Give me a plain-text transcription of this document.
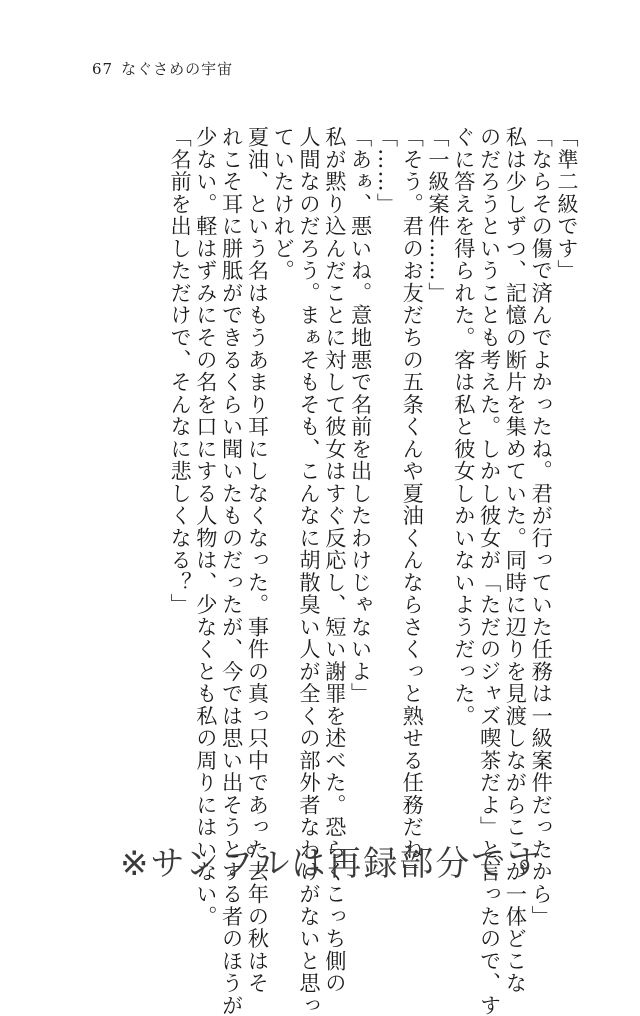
67 なぐさめの宇宙
「準二級です」
「ならその傷で済んでよかったね。君が行っていた任務は一級案件だったから」
私は少しずつ、記憶の断片を集めていた。同時に辺りを見渡しながらここが一体どこな
のだろうということも考えた。しかし彼女が「ただのジャズ喫茶だよ」と言ったので、す
ぐに答えを得られた。客は私と彼女しかいないようだった。
「一級案件……」
「そう。君のお友だちの五条くんや夏油くんならさくっと熟せる任務だね」
「……」
「あぁ、悪いね。意地悪で名前を出したわけじゃないよ」
私が黙り込んだことに対して彼女はすぐ反応し、短い謝罪を述べた。恐らくこっち側の
人間なのだろう。まぁそもそも、こんなに胡散臭い人が全くの部外者なわけがないと思っ
ていたけれど。
夏油、という名はもうあまり耳にしなくなった。事件の真っ只中であった去年の秋はそ
れこそ耳に胼胝ができるくらい聞いたものだったが、今では思い出そうとする者のほうが
少ない。軽はずみにその名を口にする人物は、少なくとも私の周りにはいない。
「名前を出しただけで、そんなに悲しくなる？」
※サンプルは再録部分です
